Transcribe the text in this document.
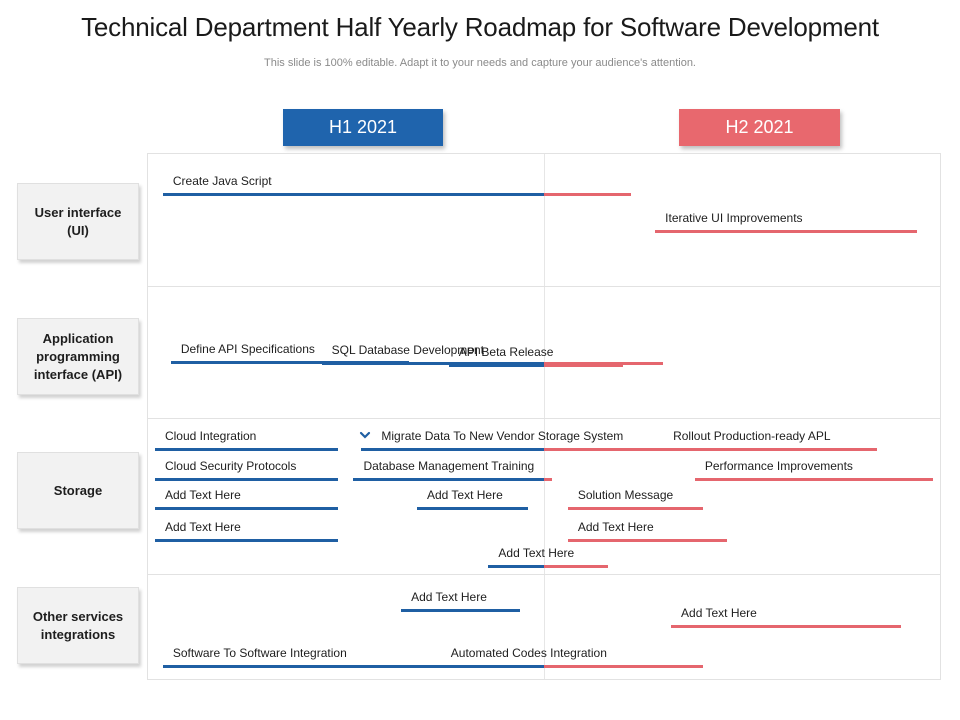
Technical Department Half Yearly Roadmap for Software Development
This slide is 100% editable. Adapt it to your needs and capture your audience's attention.
H1 2021	H2 2021
User interface (UI)
Application programming interface (API)
Storage
Other services integrations
Create Java Script
Iterative UI Improvements
SQL Database Development
Define API Specifications	API Beta Release
Rollout Production-ready APL
Cloud Integration	Migrate Data To New Vendor Storage System
Performance Improvements
Cloud Security Protocols	Database Management Training
Solution Message
Add Text Here	Add Text Here
Add Text Here
Add Text Here
Add Text Here
Add Text Here
Add Text Here
Software To Software Integration	Automated Codes Integration
